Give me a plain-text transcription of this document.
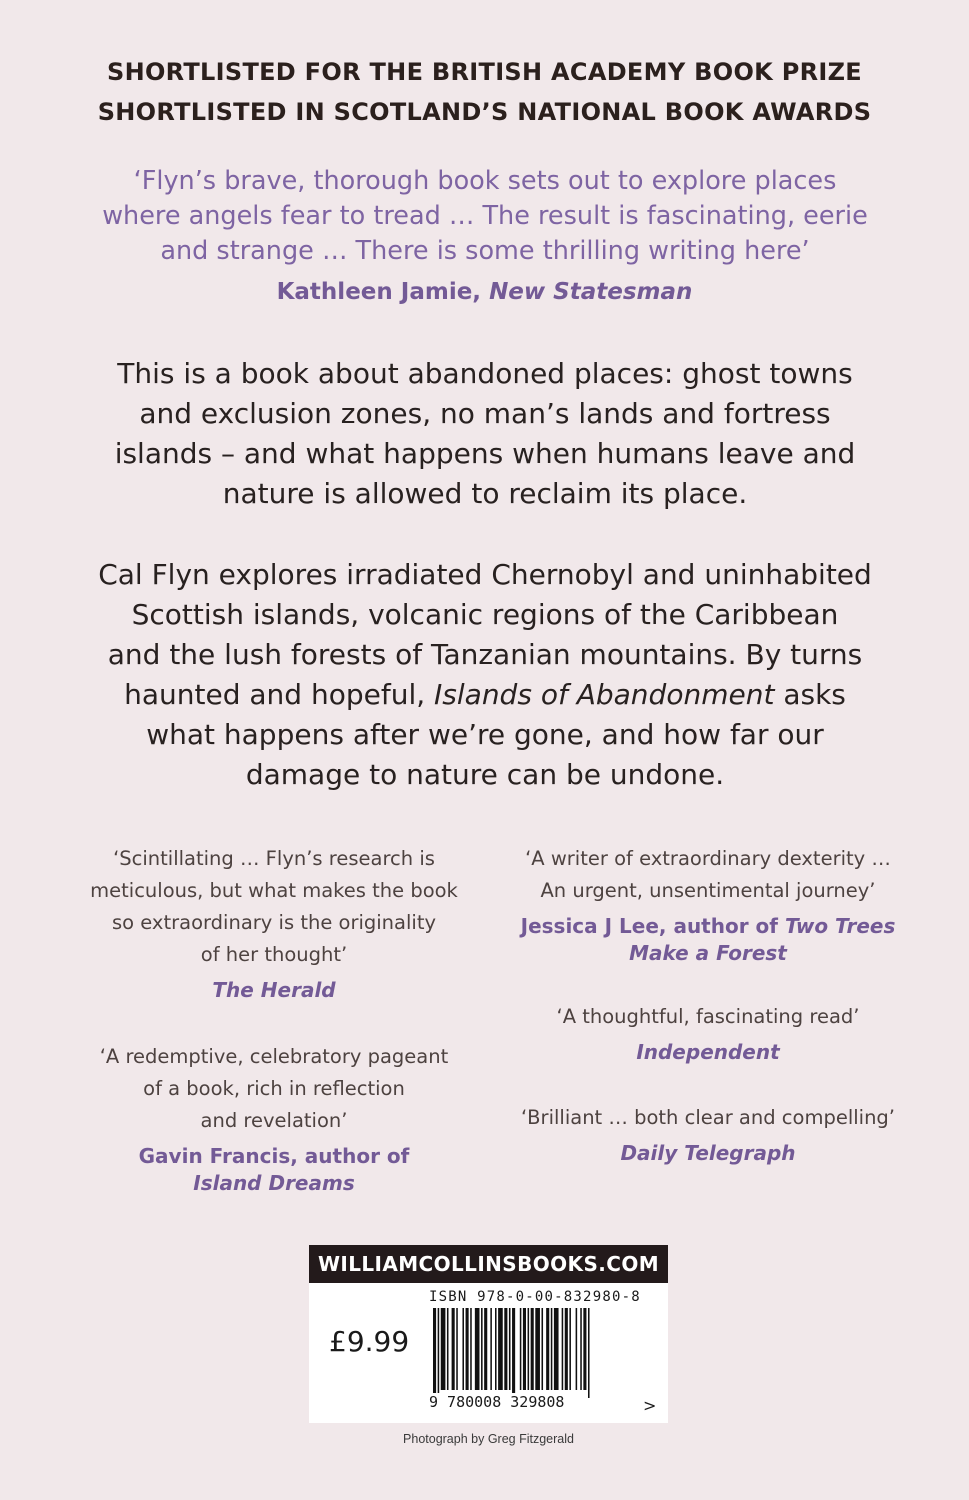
SHORTLISTED FOR THE BRITISH ACADEMY BOOK PRIZE
SHORTLISTED IN SCOTLAND’S NATIONAL BOOK AWARDS
‘Flyn’s brave, thorough book sets out to explore places
where angels fear to tread … The result is fascinating, eerie
and strange … There is some thrilling writing here’
Kathleen Jamie, New Statesman
This is a book about abandoned places: ghost towns
and exclusion zones, no man’s lands and fortress
islands – and what happens when humans leave and
nature is allowed to reclaim its place.
Cal Flyn explores irradiated Chernobyl and uninhabited
Scottish islands, volcanic regions of the Caribbean
and the lush forests of Tanzanian mountains. By turns
haunted and hopeful, Islands of Abandonment asks
what happens after we’re gone, and how far our
damage to nature can be undone.
‘Scintillating … Flyn’s research is
meticulous, but what makes the book
so extraordinary is the originality
of her thought’
The Herald
‘A redemptive, celebratory pageant
of a book, rich in reflection
and revelation’
Gavin Francis, author of
Island Dreams
‘A writer of extraordinary dexterity …
An urgent, unsentimental journey’
Jessica J Lee, author of Two Trees
Make a Forest
‘A thoughtful, fascinating read’
Independent
‘Brilliant … both clear and compelling’
Daily Telegraph
WILLIAMCOLLINSBOOKS.COM
ISBN 978-0-00-832980-8
£9.99
9 780008 329808	>
Photograph by Greg Fitzgerald
